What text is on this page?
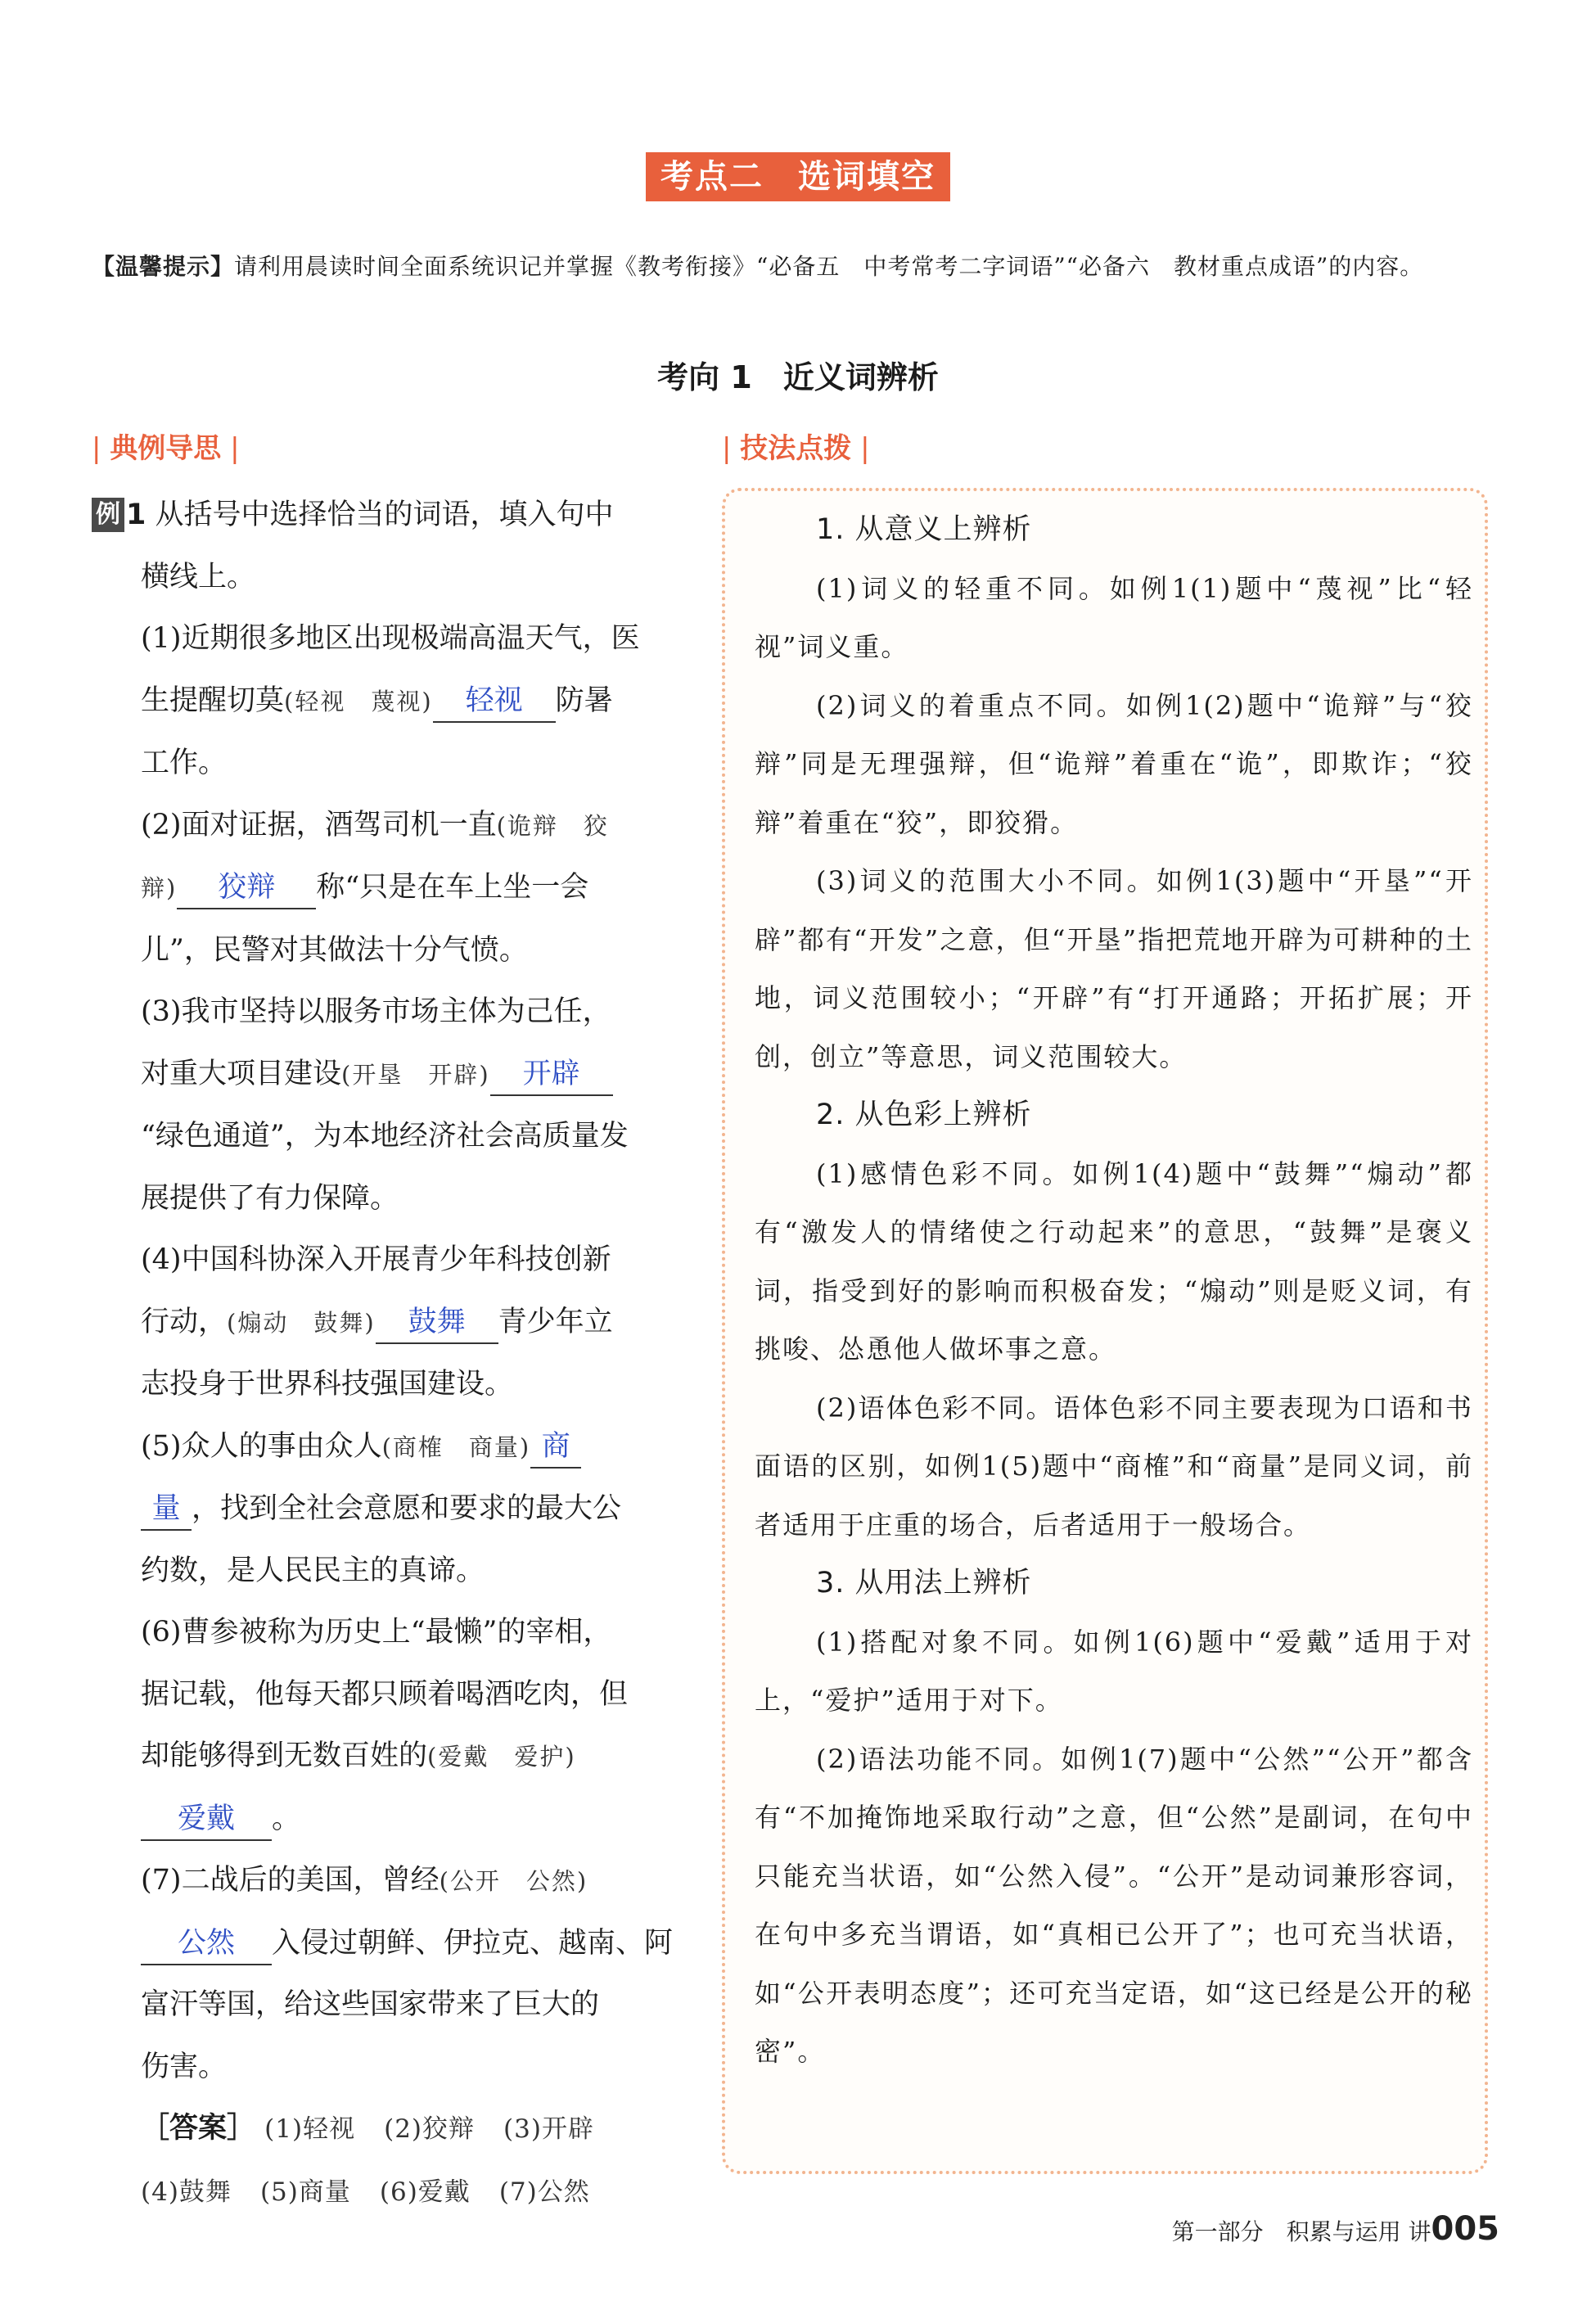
考点二　选词填空
【温馨提示】请利用晨读时间全面系统识记并掌握《教考衔接》“必备五　中考常考二字词语”“必备六　教材重点成语”的内容。
考向 1　近义词辨析
| 典例导思 |	| 技法点拨 |

例 1 从括号中选择恰当的词语，填入句中

横线上。

(1)近期很多地区出现极端高温天气，医

生提醒切莫(轻视　蔑视) 轻视 防暑

工作。

(2)面对证据，酒驾司机一直(诡辩　狡

辩) 狡辩 称“只是在车上坐一会

儿”，民警对其做法十分气愤。

(3)我市坚持以服务市场主体为己任，

对重大项目建设(开垦　开辟) 开辟

“绿色通道”，为本地经济社会高质量发

展提供了有力保障。

(4)中国科协深入开展青少年科技创新

行动，(煽动　鼓舞) 鼓舞 青少年立

志投身于世界科技强国建设。

(5)众人的事由众人(商榷　商量) 商

量 ，找到全社会意愿和要求的最大公

约数，是人民民主的真谛。

(6)曹参被称为历史上“最懒”的宰相，

据记载，他每天都只顾着喝酒吃肉，但

却能够得到无数百姓的(爱戴　爱护)

爱戴 。

(7)二战后的美国，曾经(公开　公然)

公然 入侵过朝鲜、伊拉克、越南、阿

富汗等国，给这些国家带来了巨大的

伤害。

［答案］ (1)轻视　 (2)狡辩　 (3)开辟

(4)鼓舞　 (5)商量　 (6)爱戴　 (7)公然

1. 从意义上辨析

(1)词义的轻重不同。如例1(1)题中“蔑视”比“轻视”词义重。

(2)词义的着重点不同。如例1(2)题中“诡辩”与“狡辩”同是无理强辩，但“诡辩”着重在“诡”，即欺诈；“狡辩”着重在“狡”，即狡猾。

(3)词义的范围大小不同。如例1(3)题中“开垦”“开辟”都有“开发”之意，但“开垦”指把荒地开辟为可耕种的土地，词义范围较小；“开辟”有“打开通路；开拓扩展；开创，创立”等意思，词义范围较大。

2. 从色彩上辨析

(1)感情色彩不同。如例1(4)题中“鼓舞”“煽动”都有“激发人的情绪使之行动起来”的意思，“鼓舞”是褒义词，指受到好的影响而积极奋发；“煽动”则是贬义词，有挑唆、怂恿他人做坏事之意。

(2)语体色彩不同。语体色彩不同主要表现为口语和书面语的区别，如例1(5)题中“商榷”和“商量”是同义词，前者适用于庄重的场合，后者适用于一般场合。

3. 从用法上辨析

(1)搭配对象不同。如例1(6)题中“爱戴”适用于对上，“爱护”适用于对下。

(2)语法功能不同。如例1(7)题中“公然”“公开”都含有“不加掩饰地采取行动”之意，但“公然”是副词，在句中只能充当状语，如“公然入侵”。“公开”是动词兼形容词，在句中多充当谓语，如“真相已公开了”；也可充当状语，如“公开表明态度”；还可充当定语，如“这已经是公开的秘密”。

第一部分　积累与运用 讲005
